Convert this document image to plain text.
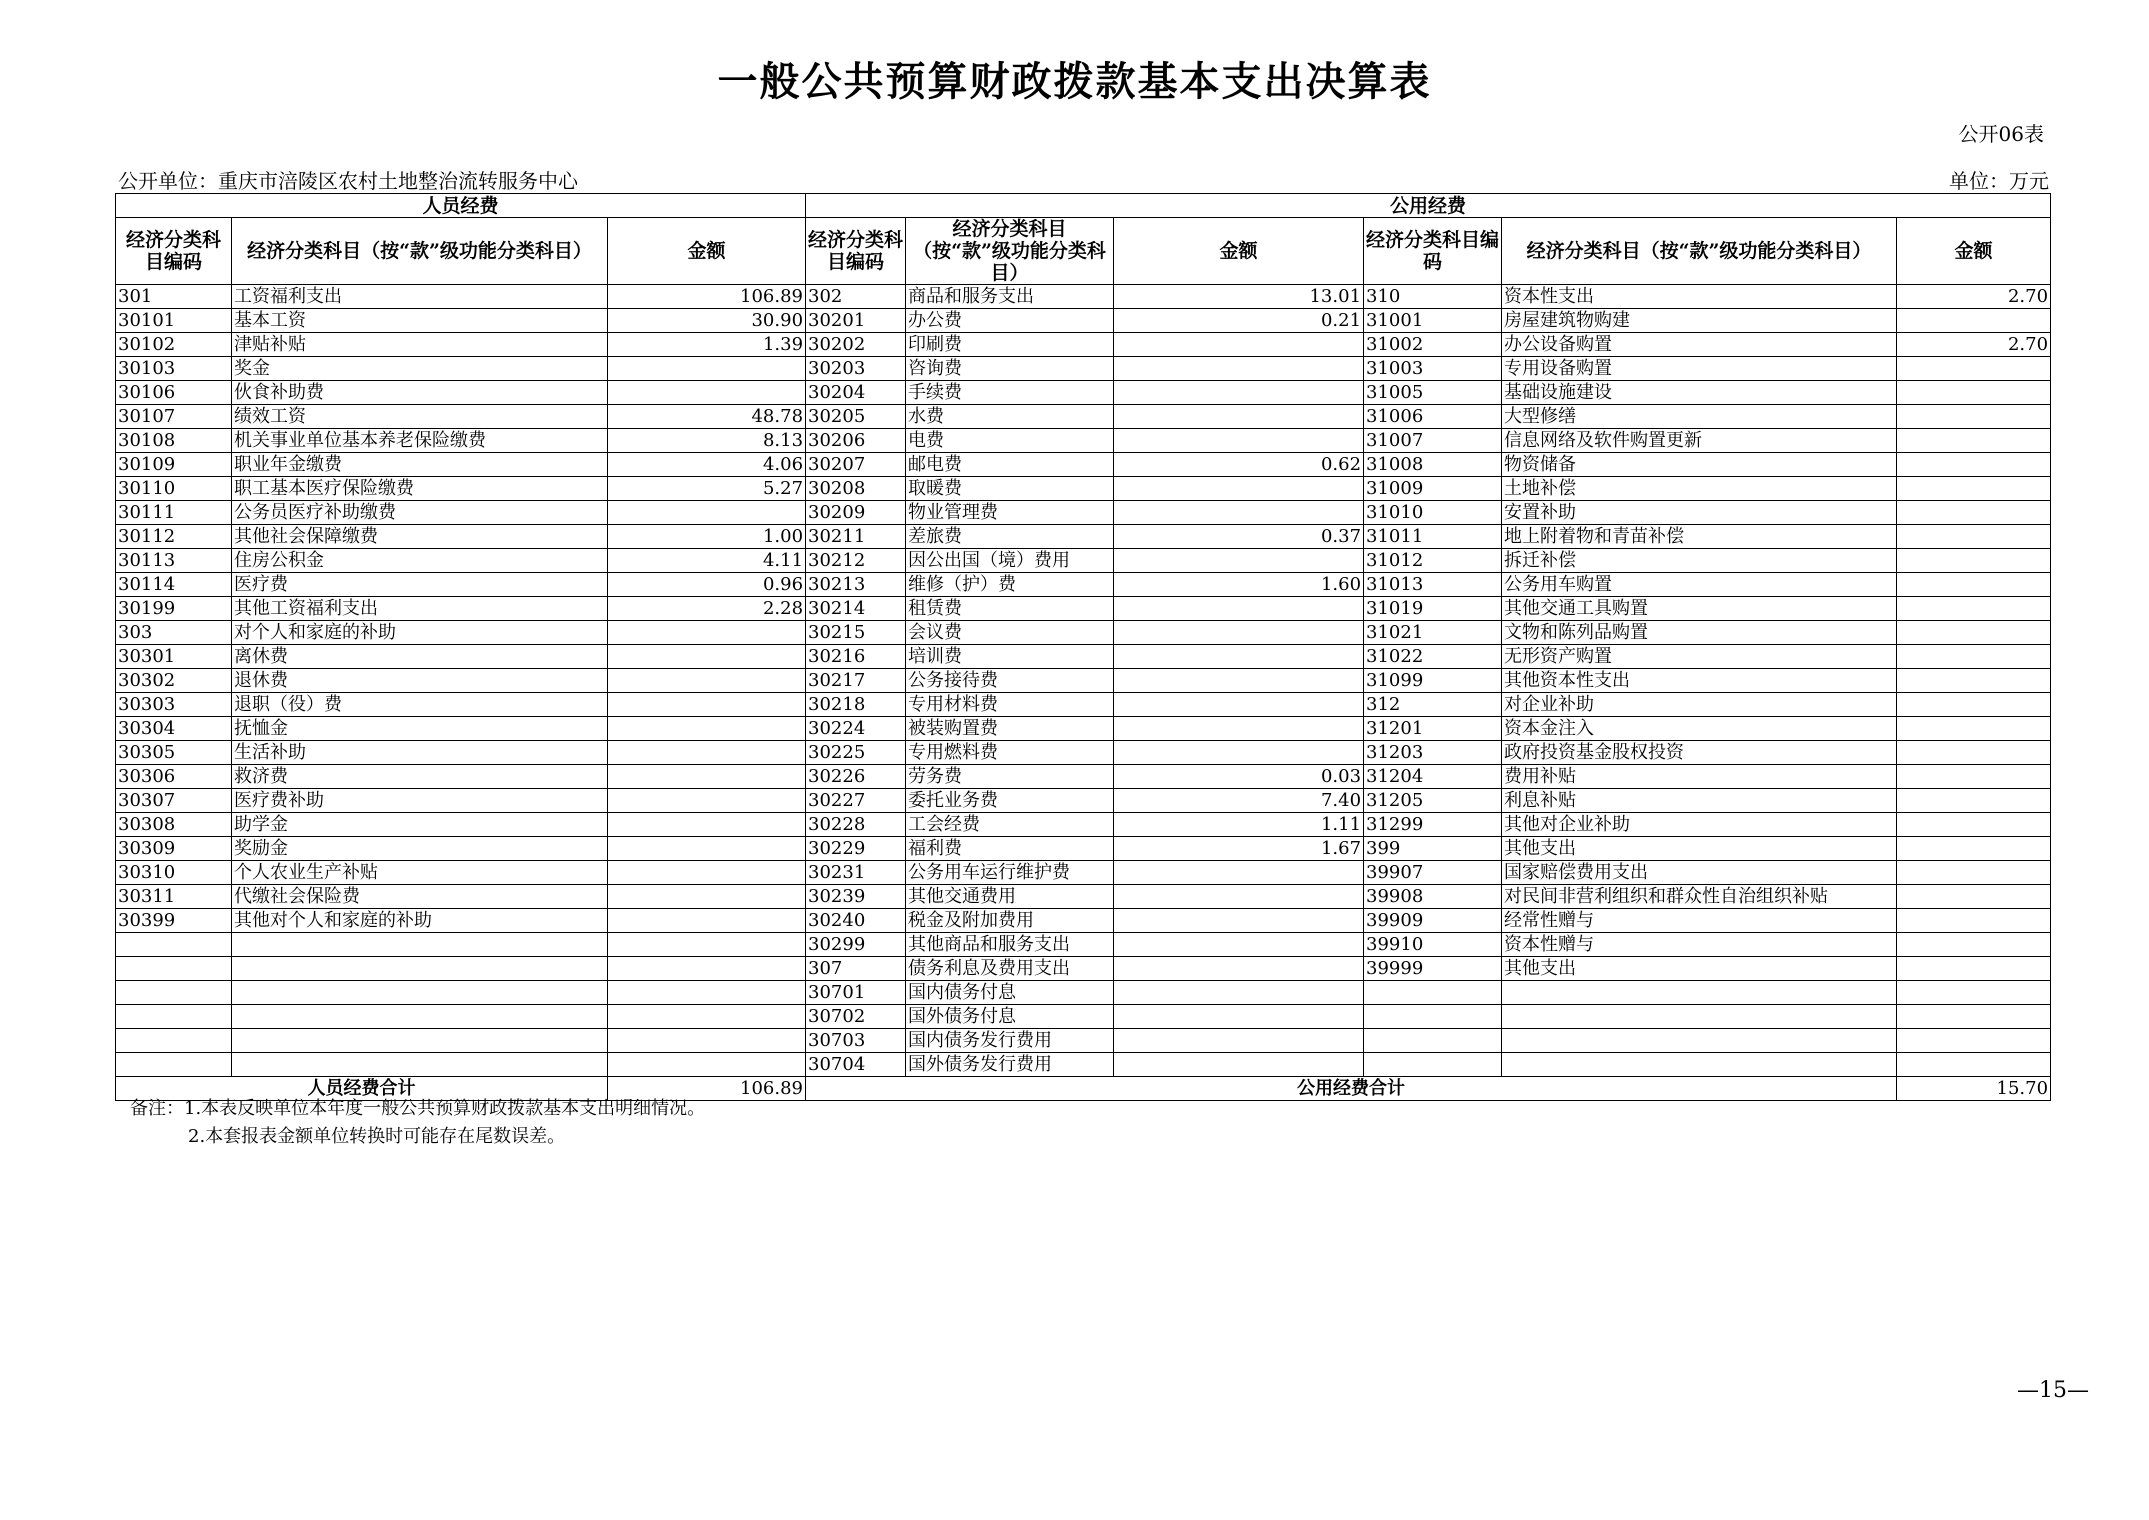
一般公共预算财政拨款基本支出决算表
公开06表
公开单位：重庆市涪陵区农村土地整治流转服务中心	单位：万元
人员经费			公用经费					
经济分类科目编码	经济分类科目（按“款”级功能分类科目）	金额	经济分类科目编码	经济分类科目（按“款”级功能分类科目）	金额	经济分类科目编码	经济分类科目（按“款”级功能分类科目）	金额
301	工资福利支出	106.89	302	商品和服务支出	13.01	310	资本性支出	2.70
30101	基本工资	30.90	30201	办公费	0.21	31001	房屋建筑物购建	
30102	津贴补贴	1.39	30202	印刷费		31002	办公设备购置	2.70
30103	奖金		30203	咨询费		31003	专用设备购置	
30106	伙食补助费		30204	手续费		31005	基础设施建设	
30107	绩效工资	48.78	30205	水费		31006	大型修缮	
30108	机关事业单位基本养老保险缴费	8.13	30206	电费		31007	信息网络及软件购置更新	
30109	职业年金缴费	4.06	30207	邮电费	0.62	31008	物资储备	
30110	职工基本医疗保险缴费	5.27	30208	取暖费		31009	土地补偿	
30111	公务员医疗补助缴费		30209	物业管理费		31010	安置补助	
30112	其他社会保障缴费	1.00	30211	差旅费	0.37	31011	地上附着物和青苗补偿	
30113	住房公积金	4.11	30212	因公出国（境）费用		31012	拆迁补偿	
30114	医疗费	0.96	30213	维修（护）费	1.60	31013	公务用车购置	
30199	其他工资福利支出	2.28	30214	租赁费		31019	其他交通工具购置	
303	对个人和家庭的补助		30215	会议费		31021	文物和陈列品购置	
30301	离休费		30216	培训费		31022	无形资产购置	
30302	退休费		30217	公务接待费		31099	其他资本性支出	
30303	退职（役）费		30218	专用材料费		312	对企业补助	
30304	抚恤金		30224	被装购置费		31201	资本金注入	
30305	生活补助		30225	专用燃料费		31203	政府投资基金股权投资	
30306	救济费		30226	劳务费	0.03	31204	费用补贴	
30307	医疗费补助		30227	委托业务费	7.40	31205	利息补贴	
30308	助学金		30228	工会经费	1.11	31299	其他对企业补助	
30309	奖励金		30229	福利费	1.67	399	其他支出	
30310	个人农业生产补贴		30231	公务用车运行维护费		39907	国家赔偿费用支出	
30311	代缴社会保险费		30239	其他交通费用		39908	对民间非营利组织和群众性自治组织补贴	
30399	其他对个人和家庭的补助		30240	税金及附加费用		39909	经常性赠与	
			30299	其他商品和服务支出		39910	资本性赠与	
			307	债务利息及费用支出		39999	其他支出	
			30701	国内债务付息				
			30702	国外债务付息				
			30703	国内债务发行费用				
			30704	国外债务发行费用				
人员经费合计		106.89	公用经费合计					15.70
备注：1.本表反映单位本年度一般公共预算财政拨款基本支出明细情况。
2.本套报表金额单位转换时可能存在尾数误差。
—15—
